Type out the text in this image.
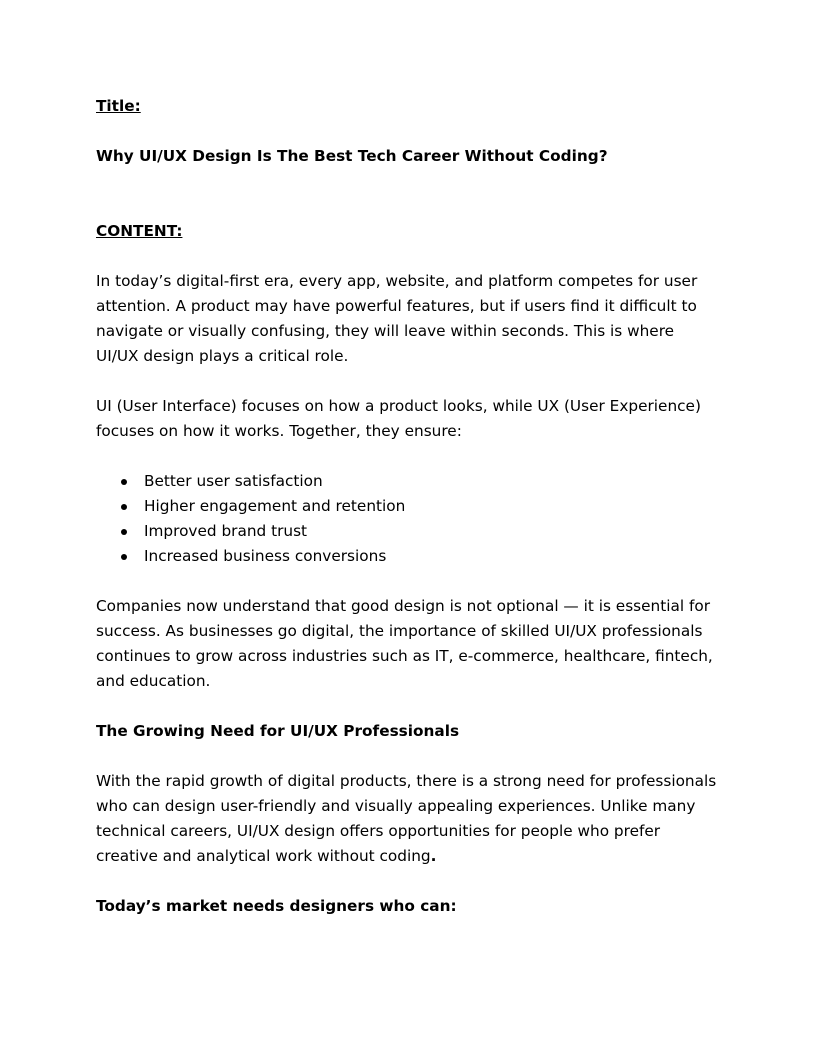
Title:

Why UI/UX Design Is The Best Tech Career Without Coding?

CONTENT:

In today’s digital-first era, every app, website, and platform competes for user attention. A product may have powerful features, but if users find it difficult to navigate or visually confusing, they will leave within seconds. This is where UI/UX design plays a critical role.

UI (User Interface) focuses on how a product looks, while UX (User Experience) focuses on how it works. Together, they ensure:

Better user satisfaction
Higher engagement and retention
Improved brand trust
Increased business conversions

Companies now understand that good design is not optional — it is essential for success. As businesses go digital, the importance of skilled UI/UX professionals continues to grow across industries such as IT, e-commerce, healthcare, fintech, and education.

The Growing Need for UI/UX Professionals

With the rapid growth of digital products, there is a strong need for professionals who can design user-friendly and visually appealing experiences. Unlike many technical careers, UI/UX design offers opportunities for people who prefer creative and analytical work without coding.

Today’s market needs designers who can:
